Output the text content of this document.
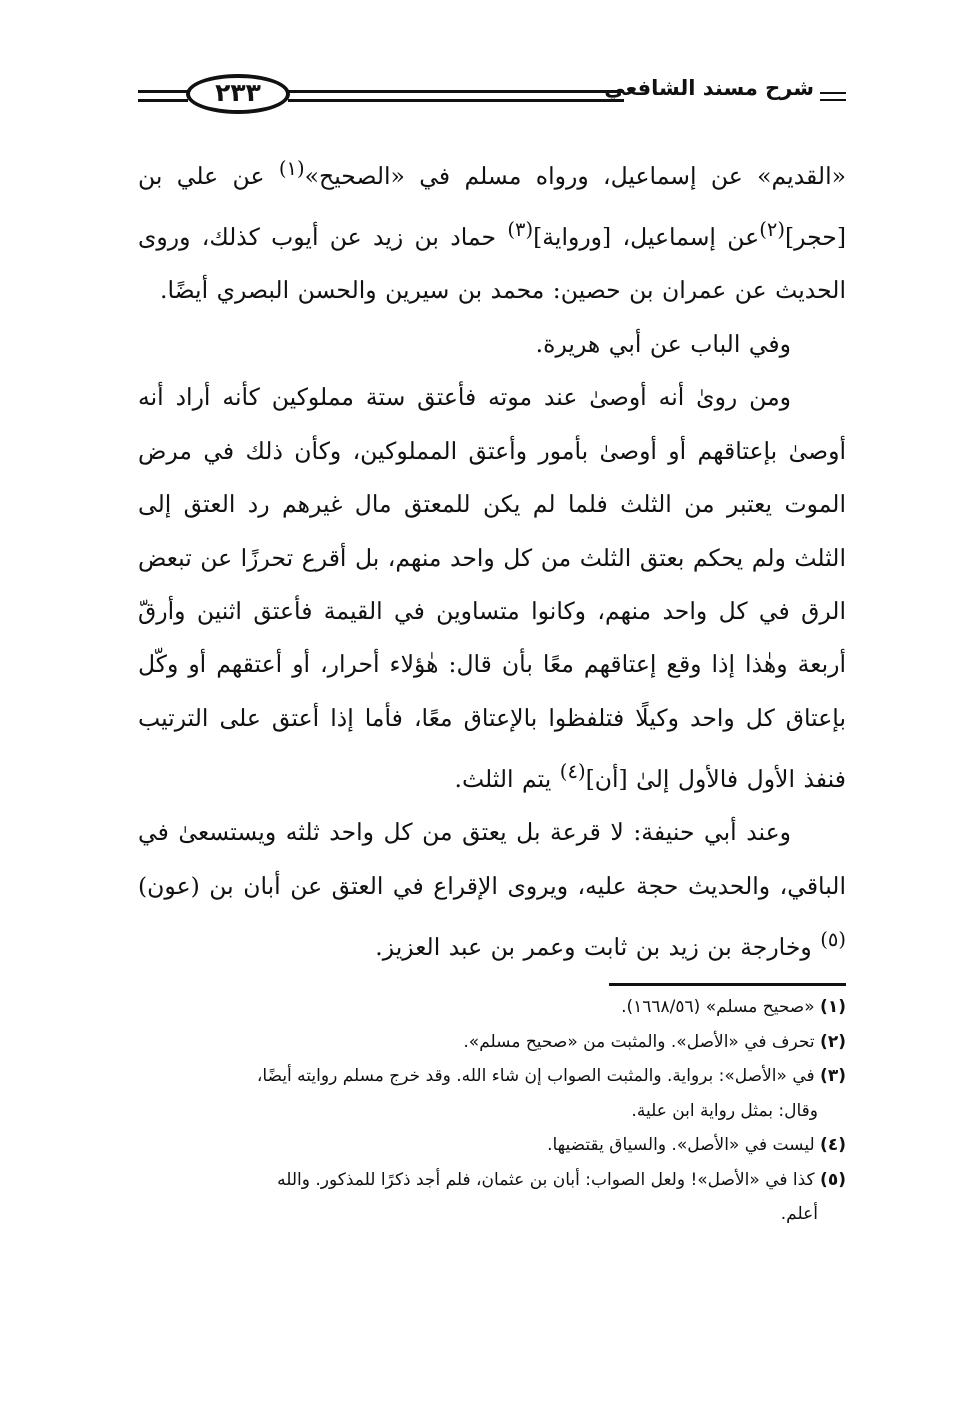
شرح مسند الشافعي
٢٣٣

«القديم» عن إسماعيل، ورواه مسلم في «الصحيح»$^{(١)}$ عن علي بن [حجر]$^{(٢)}$عن إسماعيل، [ورواية]$^{(٣)}$ حماد بن زيد عن أيوب كذلك، وروى الحديث عن عمران بن حصين: محمد بن سيرين والحسن البصري أيضًا.

وفي الباب عن أبي هريرة.

ومن روىٰ أنه أوصىٰ عند موته فأعتق ستة مملوكين كأنه أراد أنه أوصىٰ بإعتاقهم أو أوصىٰ بأمور وأعتق المملوكين، وكأن ذلك في مرض الموت يعتبر من الثلث فلما لم يكن للمعتق مال غيرهم رد العتق إلى الثلث ولم يحكم بعتق الثلث من كل واحد منهم، بل أقرع تحرزًا عن تبعض الرق في كل واحد منهم، وكانوا متساوين في القيمة فأعتق اثنين وأرقّ أربعة وهٰذا إذا وقع إعتاقهم معًا بأن قال: هٰؤلاء أحرار، أو أعتقهم أو وكّل بإعتاق كل واحد وكيلًا فتلفظوا بالإعتاق معًا، فأما إذا أعتق على الترتيب فنفذ الأول فالأول إلىٰ [أن]$^{(٤)}$ يتم الثلث.

وعند أبي حنيفة: لا قرعة بل يعتق من كل واحد ثلثه ويستسعىٰ في الباقي، والحديث حجة عليه، ويروى الإقراع في العتق عن أبان بن (عون)$^{(٥)}$ وخارجة بن زيد بن ثابت وعمر بن عبد العزيز.

(١) «صحيح مسلم» (١٦٦٨/٥٦).

(٢) تحرف في «الأصل». والمثبت من «صحيح مسلم».

(٣) في «الأصل»: برواية. والمثبت الصواب إن شاء الله. وقد خرج مسلم روايته أيضًا،

وقال: بمثل رواية ابن علية.

(٤) ليست في «الأصل». والسياق يقتضيها.

(٥) كذا في «الأصل»! ولعل الصواب: أبان بن عثمان، فلم أجد ذكرًا للمذكور. والله

أعلم.
